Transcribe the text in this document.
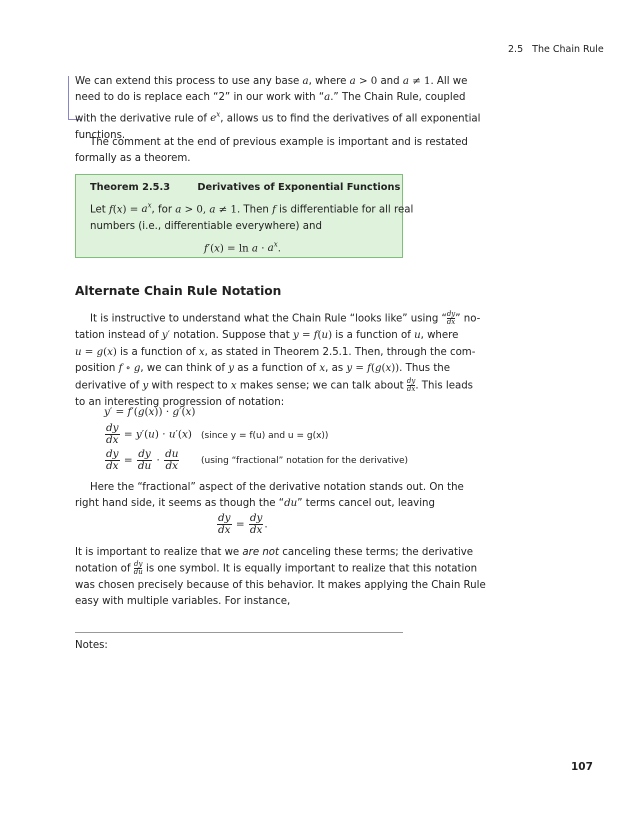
2.5 The Chain Rule
We can extend this process to use any base a, where a > 0 and a ≠ 1. All we
need to do is replace each “2” in our work with “a.” The Chain Rule, coupled
with the derivative rule of $e^x$, allows us to find the derivatives of all exponential
functions.
The comment at the end of previous example is important and is restated
formally as a theorem.
Theorem 2.5.3	Derivatives of Exponential Functions
Let $f(x) = a^x$, for a > 0, a ≠ 1. Then f is differentiable for all real
numbers (i.e., differentiable everywhere) and
$f'(x) = \ln a \cdot a^x$.
Alternate Chain Rule Notation
It is instructive to understand what the Chain Rule “looks like” using “ $\frac{dy}{dx}$ ” no-
tation instead of y′ notation. Suppose that y = f(u) is a function of u, where
u = g(x) is a function of x, as stated in Theorem 2.5.1. Then, through the com-
position f ∘ g, we can think of y as a function of x, as y = f(g(x)). Thus the
derivative of y with respect to x makes sense; we can talk about $\frac{dy}{dx}$ . This leads
to an interesting progression of notation:
y′ = f′(g(x)) · g′(x)
$\frac{dy}{dx} = y'(u) \cdot u'(x)$ (since y = f(u) and u = g(x))
$\frac{dy}{dx} = \frac{dy}{du} \cdot \frac{du}{dx} (using$ “fractional” notation for the derivative)
Here the “fractional” aspect of the derivative notation stands out. On the
right hand side, it seems as though the “du” terms cancel out, leaving
$\frac{dy}{dx} = \frac{dy}{dx}$ .
It is important to realize that we are not canceling these terms; the derivative
notation of $\frac{dy}{du}$ is one symbol. It is equally important to realize that this notation
was chosen precisely because of this behavior. It makes applying the Chain Rule
easy with multiple variables. For instance,
Notes:
107
